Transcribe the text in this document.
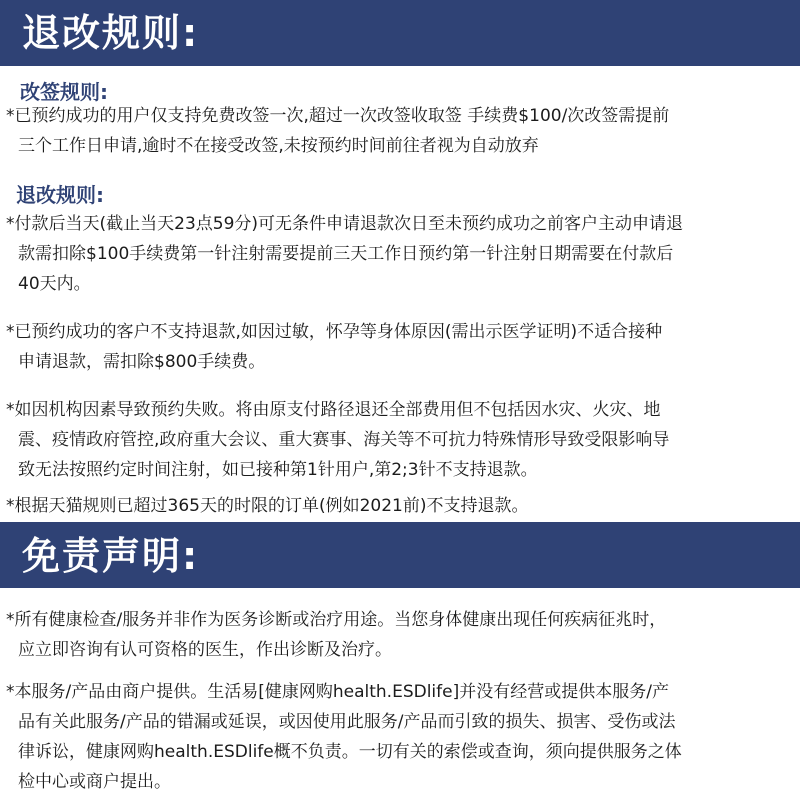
退改规则:
改签规则:
*已预约成功的用户仅支持免费改签一次,超过一次改签收取签 手续费$100/次改签需提前
三个工作日申请,逾时不在接受改签,未按预约时间前往者视为自动放弃
退改规则:
*付款后当天(截止当天23点59分)可无条件申请退款次日至未预约成功之前客户主动申请退
款需扣除$100手续费第一针注射需要提前三天工作日预约第一针注射日期需要在付款后
40天内。
*已预约成功的客户不支持退款,如因过敏，怀孕等身体原因(需出示医学证明)不适合接种
申请退款，需扣除$800手续费。
*如因机构因素导致预约失败。将由原支付路径退还全部费用但不包括因水灾、火灾、地
震、疫情政府管控,政府重大会议、重大赛事、海关等不可抗力特殊情形导致受限影响导
致无法按照约定时间注射，如已接种第1针用户,第2;3针不支持退款。
*根据天猫规则已超过365天的时限的订单(例如2021前)不支持退款。
免责声明:
*所有健康检查/服务并非作为医务诊断或治疗用途。当您身体健康出现任何疾病征兆时，
应立即咨询有认可资格的医生，作出诊断及治疗。
*本服务/产品由商户提供。生活易[健康网购health.ESDlife]并没有经营或提供本服务/产
品有关此服务/产品的错漏或延误，或因使用此服务/产品而引致的损失、损害、受伤或法
律诉讼，健康网购health.ESDlife概不负责。一切有关的索偿或查询，须向提供服务之体
检中心或商户提出。
